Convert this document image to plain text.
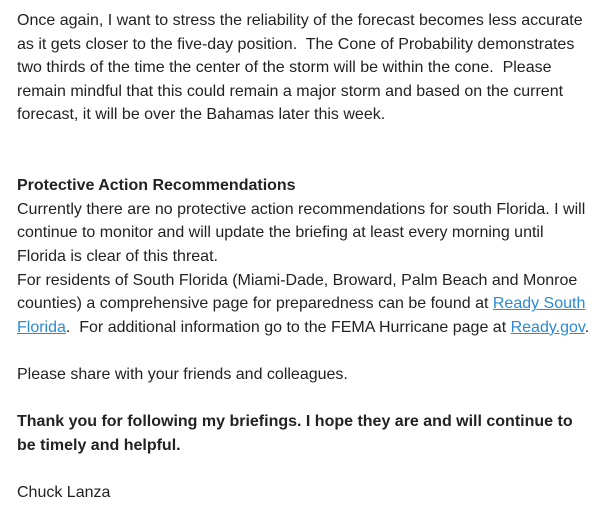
Once again, I want to stress the reliability of the forecast becomes less accurate as it gets closer to the five-day position.  The Cone of Probability demonstrates two thirds of the time the center of the storm will be within the cone.  Please remain mindful that this could remain a major storm and based on the current forecast, it will be over the Bahamas later this week.

Protective Action Recommendations

Currently there are no protective action recommendations for south Florida. I will continue to monitor and will update the briefing at least every morning until Florida is clear of this threat.

For residents of South Florida (Miami-Dade, Broward, Palm Beach and Monroe counties) a comprehensive page for preparedness can be found at Ready South Florida.  For additional information go to the FEMA Hurricane page at Ready.gov.

Please share with your friends and colleagues.

Thank you for following my briefings. I hope they are and will continue to be timely and helpful.

Chuck Lanza
